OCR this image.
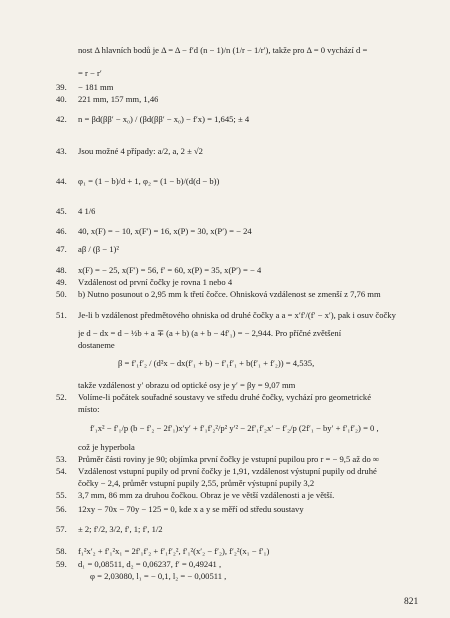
nost Δ hlavních bodů je Δ = Δ − f′d (n − 1)/n (1/r − 1/r′), takže pro Δ = 0 vychází d =
= r − r′
39.	− 181 mm
40.	221 mm, 157 mm, 1,46
42.	n = βd(ββ′ − x₀) / (βd(ββ′ − x₀) − f′x) = 1,645; ± 4
43.	Jsou možné 4 případy: a/2, a, 2 ± √2
44.	φ₁ = (1 − b)/d + 1, φ₂ = (1 − b)/(d(d − b))
45.	4 1/6
46.	40, x(F) = − 10, x(F′) = 16, x(P) = 30, x(P′) = − 24
47.	aβ / (β − 1)²
48.	x(F) = − 25, x(F′) = 56, f′ = 60, x(P) = 35, x(P′) = − 4
49.	Vzdálenost od první čočky je rovna 1 nebo 4
50.	b) Nutno posunout o 2,95 mm k třetí čočce. Ohnisková vzdálenost se zmenší z 7,76 mm
51.	Je-li b vzdálenost předmětového ohniska od druhé čočky a a = x′f′/(f′ − x′), pak i osuv čočky
je d − dx = d − ½b + a ∓ (a + b) (a + b − 4f′₁) = − 2,944. Pro příčné zvětšení
dostaneme
β = f′₁f′₂ / (d²x − dx(f′₁ + b) − f′₁f′₁ + b(f′₁ + f′₂)) = 4,535,
takže vzdálenost y′ obrazu od optické osy je y′ = βy = 9,07 mm
52.	Volíme-li počátek souřadné soustavy ve středu druhé čočky, vychází pro geometrické
místo:
f′₁x² − f′₁/p (b − f′₂ − 2f′₁)x′y′ + f′₁f′₂²/p² y′² − 2f′₁f′₂x′ − f′₂/p (2f′₁ − by′ + f′₁f′₂) = 0 ,
což je hyperbola
53.	Průměr části roviny je 90; objímka první čočky je vstupní pupilou pro r = − 9,5 až do ∞
54.	Vzdálenost vstupní pupily od první čočky je 1,91, vzdálenost výstupní pupily od druhé
čočky − 2,4, průměr vstupní pupily 2,55, průměr výstupní pupily 3,2
55.	3,7 mm, 86 mm za druhou čočkou. Obraz je ve větší vzdálenosti a je větší.
56.	12xy − 70x − 70y − 125 = 0, kde x a y se měří od středu soustavy
57.	± 2; f′/2, 3/2, f′, 1; f′, 1/2
58.	f₁²x′₂ + f′₁²x₁ = 2f′₁f′₂ + f′₁f′₂², f′₁²(x′₂ − f′₂), f′₂²(x₁ − f′₁)
59.	d₁ = 0,08511, d₂ = 0,06237, f′ = 0,49241 ,
φ = 2,03080, l₁ = − 0,1, l₂ = − 0,00511 ,
821
